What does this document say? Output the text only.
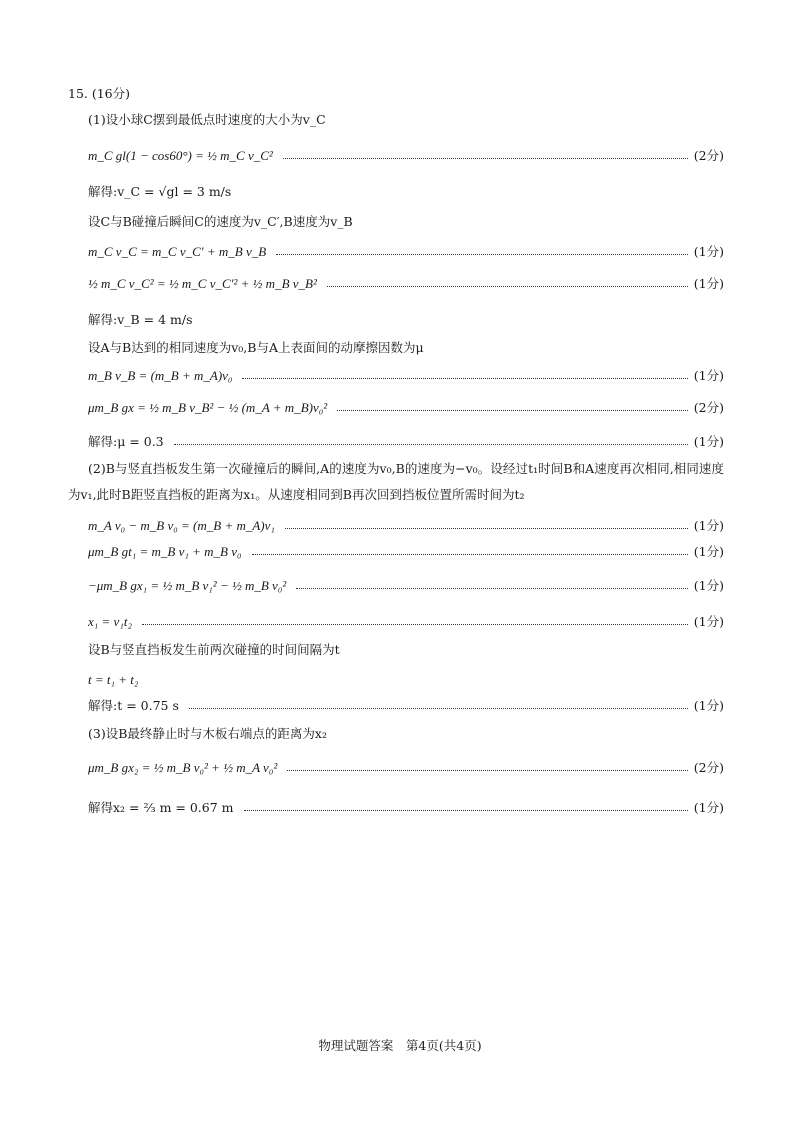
15. (16分)
(1)设小球C摆到最低点时速度的大小为v_C
m_C gl(1 − cos60°) = ½ m_C v_C²	(2分)
解得:v_C = √gl = 3 m/s
设C与B碰撞后瞬间C的速度为v_C′,B速度为v_B
m_C v_C = m_C v_C′ + m_B v_B	(1分)
½ m_C v_C² = ½ m_C v_C′² + ½ m_B v_B²	(1分)
解得:v_B = 4 m/s
设A与B达到的相同速度为v₀,B与A上表面间的动摩擦因数为μ
m_B v_B = (m_B + m_A)v₀	(1分)
μm_B gx = ½ m_B v_B² − ½ (m_A + m_B)v₀²	(2分)
解得:μ = 0.3	(1分)
(2)B与竖直挡板发生第一次碰撞后的瞬间,A的速度为v₀,B的速度为−v₀。设经过t₁时间B和A速度再次相同,相同速度为v₁,此时B距竖直挡板的距离为x₁。从速度相同到B再次回到挡板位置所需时间为t₂
m_A v₀ − m_B v₀ = (m_B + m_A)v₁	(1分)
μm_B gt₁ = m_B v₁ + m_B v₀	(1分)
−μm_B gx₁ = ½ m_B v₁² − ½ m_B v₀²	(1分)
x₁ = v₁t₂	(1分)
设B与竖直挡板发生前两次碰撞的时间间隔为t
t = t₁ + t₂
解得:t = 0.75 s	(1分)
(3)设B最终静止时与木板右端点的距离为x₂
μm_B gx₂ = ½ m_B v₀² + ½ m_A v₀²	(2分)
解得x₂ = ⅔ m = 0.67 m	(1分)
物理试题答案　第4页(共4页)
